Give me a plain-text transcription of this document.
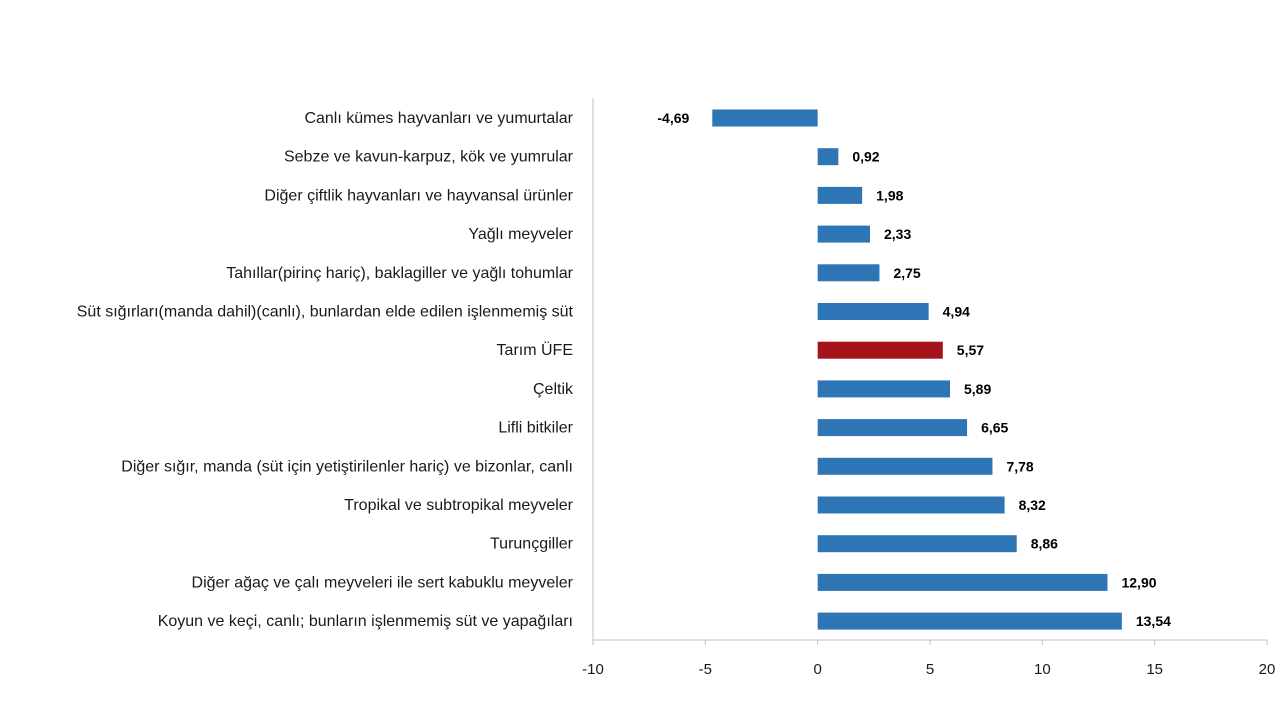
-10	-5	0	5	10	15	20
Canlı kümes hayvanları ve yumurtalar	-4,69
Sebze ve kavun-karpuz, kök ve yumrular	0,92
Diğer çiftlik hayvanları ve hayvansal ürünler	1,98
Yağlı meyveler	2,33
Tahıllar(pirinç hariç), baklagiller ve yağlı tohumlar	2,75
Süt sığırları(manda dahil)(canlı), bunlardan elde edilen işlenmemiş süt	4,94
Tarım ÜFE	5,57
Çeltik	5,89
Lifli bitkiler	6,65
Diğer sığır, manda (süt için yetiştirilenler hariç) ve bizonlar, canlı	7,78
Tropikal ve subtropikal meyveler	8,32
Turunçgiller	8,86
Diğer ağaç ve çalı meyveleri ile sert kabuklu meyveler	12,90
Koyun ve keçi, canlı; bunların işlenmemiş süt ve yapağıları	13,54
